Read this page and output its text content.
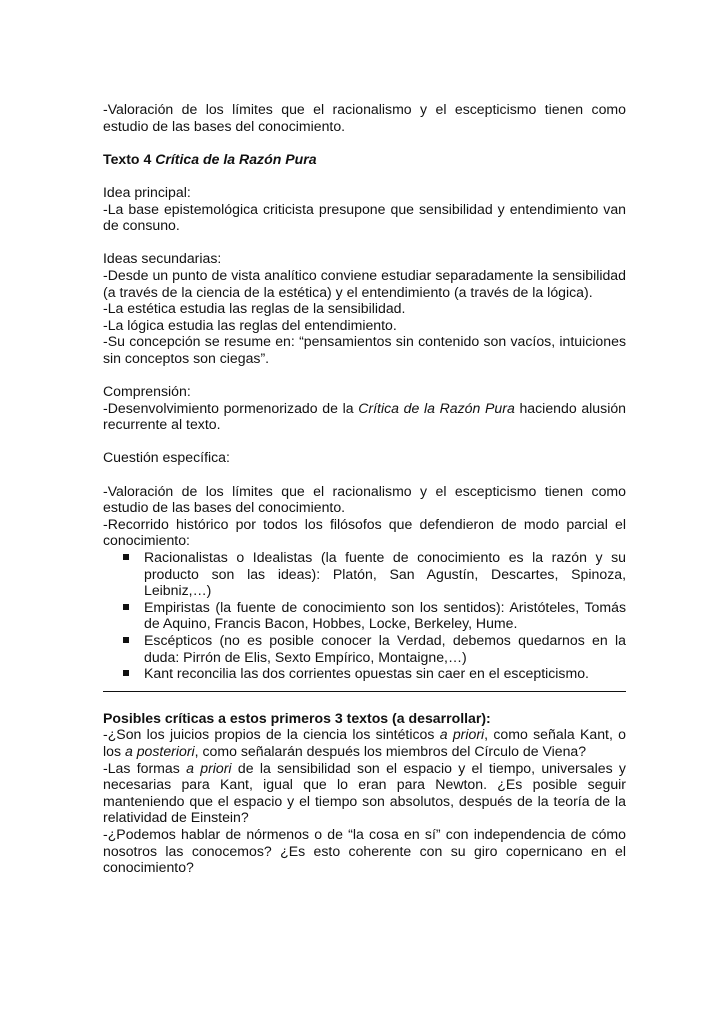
-Valoración de los límites que el racionalismo y el escepticismo tienen como estudio de las bases del conocimiento.

Texto 4 Crítica de la Razón Pura

Idea principal:

-La base epistemológica criticista presupone que sensibilidad y entendimiento van de consuno.

Ideas secundarias:

-Desde un punto de vista analítico conviene estudiar separadamente la sensibilidad (a través de la ciencia de la estética) y el entendimiento (a través de la lógica).

-La estética estudia las reglas de la sensibilidad.

-La lógica estudia las reglas del entendimiento.

-Su concepción se resume en: “pensamientos sin contenido son vacíos, intuiciones sin conceptos son ciegas”.

Comprensión:

-Desenvolvimiento pormenorizado de la Crítica de la Razón Pura haciendo alusión recurrente al texto.

Cuestión específica:

-Valoración de los límites que el racionalismo y el escepticismo tienen como estudio de las bases del conocimiento.

-Recorrido histórico por todos los filósofos que defendieron de modo parcial el conocimiento:

Racionalistas o Idealistas (la fuente de conocimiento es la razón y su producto son las ideas): Platón, San Agustín, Descartes, Spinoza, Leibniz,…)
Empiristas (la fuente de conocimiento son los sentidos): Aristóteles, Tomás de Aquino, Francis Bacon, Hobbes, Locke, Berkeley, Hume.
Escépticos (no es posible conocer la Verdad, debemos quedarnos en la duda: Pirrón de Elis, Sexto Empírico, Montaigne,…)
Kant reconcilia las dos corrientes opuestas sin caer en el escepticismo.

Posibles críticas a estos primeros 3 textos (a desarrollar):

-¿Son los juicios propios de la ciencia los sintéticos a priori, como señala Kant, o los a posteriori, como señalarán después los miembros del Círculo de Viena?

-Las formas a priori de la sensibilidad son el espacio y el tiempo, universales y necesarias para Kant, igual que lo eran para Newton. ¿Es posible seguir manteniendo que el espacio y el tiempo son absolutos, después de la teoría de la relatividad de Einstein?

-¿Podemos hablar de nórmenos o de “la cosa en sí” con independencia de cómo nosotros las conocemos? ¿Es esto coherente con su giro copernicano en el conocimiento?
